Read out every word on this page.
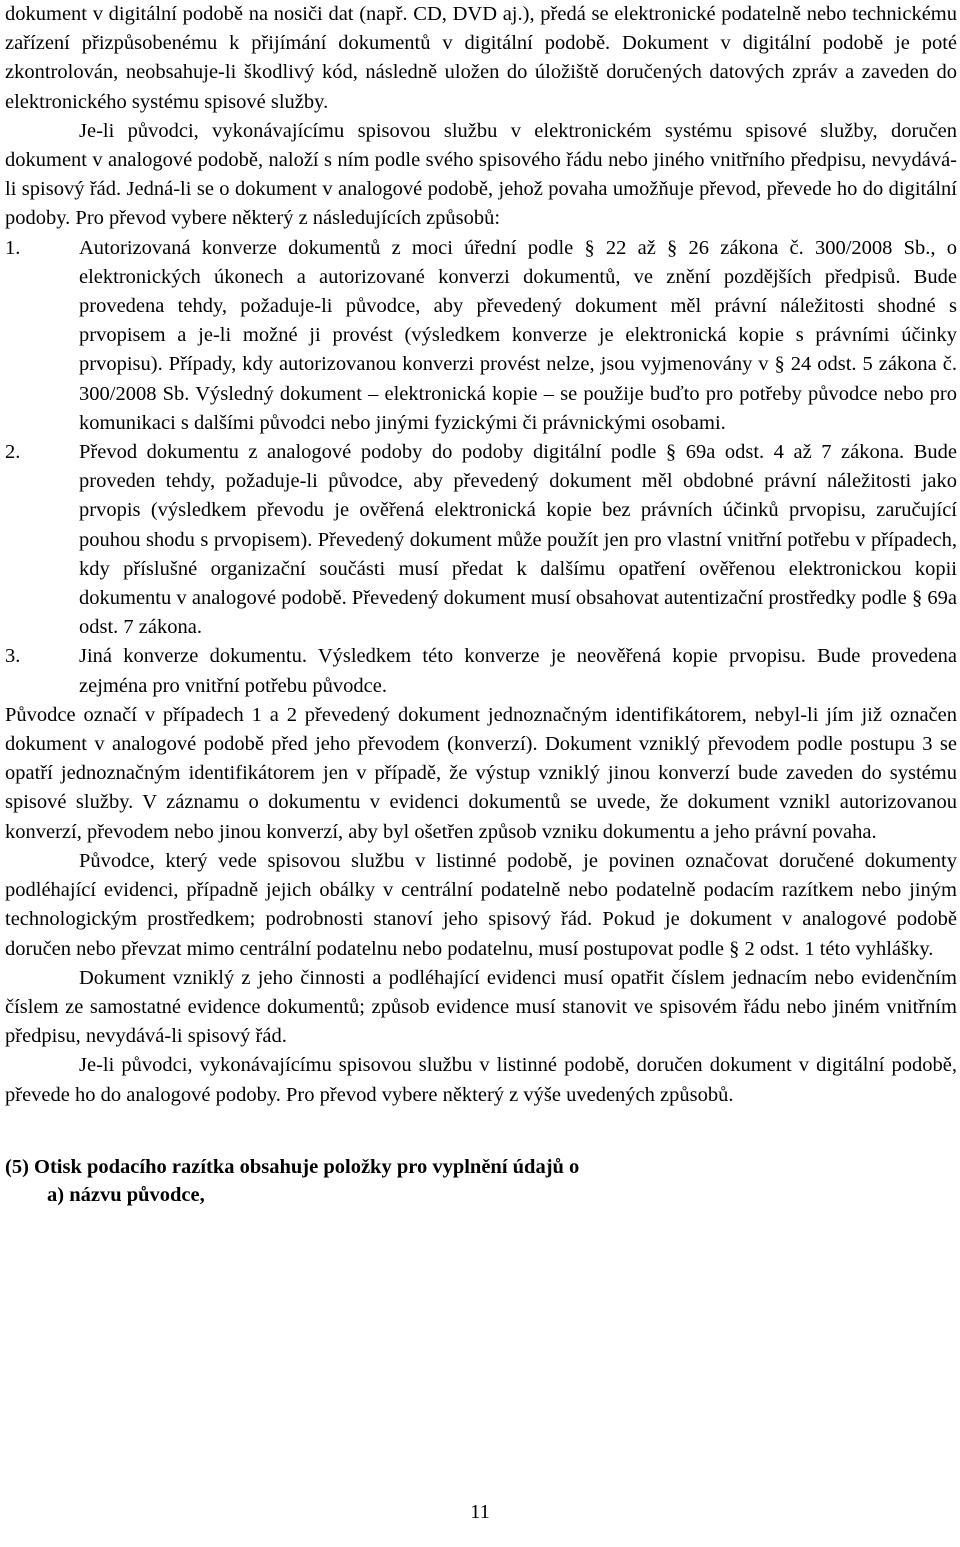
dokument v digitální podobě na nosiči dat (např. CD, DVD aj.), předá se elektronické podatelně nebo technickému zařízení přizpůsobenému k přijímání dokumentů v digitální podobě. Dokument v digitální podobě je poté zkontrolován, neobsahuje-li škodlivý kód, následně uložen do úložiště doručených datových zpráv a zaveden do elektronického systému spisové služby.

Je-li původci, vykonávajícímu spisovou službu v elektronickém systému spisové služby, doručen dokument v analogové podobě, naloží s ním podle svého spisového řádu nebo jiného vnitřního předpisu, nevydává-li spisový řád. Jedná-li se o dokument v analogové podobě, jehož povaha umožňuje převod, převede ho do digitální podoby. Pro převod vybere některý z následujících způsobů:

1.	Autorizovaná konverze dokumentů z moci úřední podle § 22 až § 26 zákona č. 300/2008 Sb., o elektronických úkonech a autorizované konverzi dokumentů, ve znění pozdějších předpisů. Bude provedena tehdy, požaduje-li původce, aby převedený dokument měl právní náležitosti shodné s prvopisem a je-li možné ji provést (výsledkem konverze je elektronická kopie s právními účinky prvopisu). Případy, kdy autorizovanou konverzi provést nelze, jsou vyjmenovány v § 24 odst. 5 zákona č. 300/2008 Sb. Výsledný dokument – elektronická kopie – se použije buďto pro potřeby původce nebo pro komunikaci s dalšími původci nebo jinými fyzickými či právnickými osobami.
2.	Převod dokumentu z analogové podoby do podoby digitální podle § 69a odst. 4 až 7 zákona. Bude proveden tehdy, požaduje-li původce, aby převedený dokument měl obdobné právní náležitosti jako prvopis (výsledkem převodu je ověřená elektronická kopie bez právních účinků prvopisu, zaručující pouhou shodu s prvopisem). Převedený dokument může použít jen pro vlastní vnitřní potřebu v případech, kdy příslušné organizační součásti musí předat k dalšímu opatření ověřenou elektronickou kopii dokumentu v analogové podobě. Převedený dokument musí obsahovat autentizační prostředky podle § 69a odst. 7 zákona.
3.	Jiná konverze dokumentu. Výsledkem této konverze je neověřená kopie prvopisu. Bude provedena zejména pro vnitřní potřebu původce.

Původce označí v případech 1 a 2 převedený dokument jednoznačným identifikátorem, nebyl-li jím již označen dokument v analogové podobě před jeho převodem (konverzí). Dokument vzniklý převodem podle postupu 3 se opatří jednoznačným identifikátorem jen v případě, že výstup vzniklý jinou konverzí bude zaveden do systému spisové služby. V záznamu o dokumentu v evidenci dokumentů se uvede, že dokument vznikl autorizovanou konverzí, převodem nebo jinou konverzí, aby byl ošetřen způsob vzniku dokumentu a jeho právní povaha.

Původce, který vede spisovou službu v listinné podobě, je povinen označovat doručené dokumenty podléhající evidenci, případně jejich obálky v centrální podatelně nebo podatelně podacím razítkem nebo jiným technologickým prostředkem; podrobnosti stanoví jeho spisový řád. Pokud je dokument v analogové podobě doručen nebo převzat mimo centrální podatelnu nebo podatelnu, musí postupovat podle § 2 odst. 1 této vyhlášky.

Dokument vzniklý z jeho činnosti a podléhající evidenci musí opatřit číslem jednacím nebo evidenčním číslem ze samostatné evidence dokumentů; způsob evidence musí stanovit ve spisovém řádu nebo jiném vnitřním předpisu, nevydává-li spisový řád.

Je-li původci, vykonávajícímu spisovou službu v listinné podobě, doručen dokument v digitální podobě, převede ho do analogové podoby. Pro převod vybere některý z výše uvedených způsobů.

(5) Otisk podacího razítka obsahuje položky pro vyplnění údajů o
a) názvu původce,
11
